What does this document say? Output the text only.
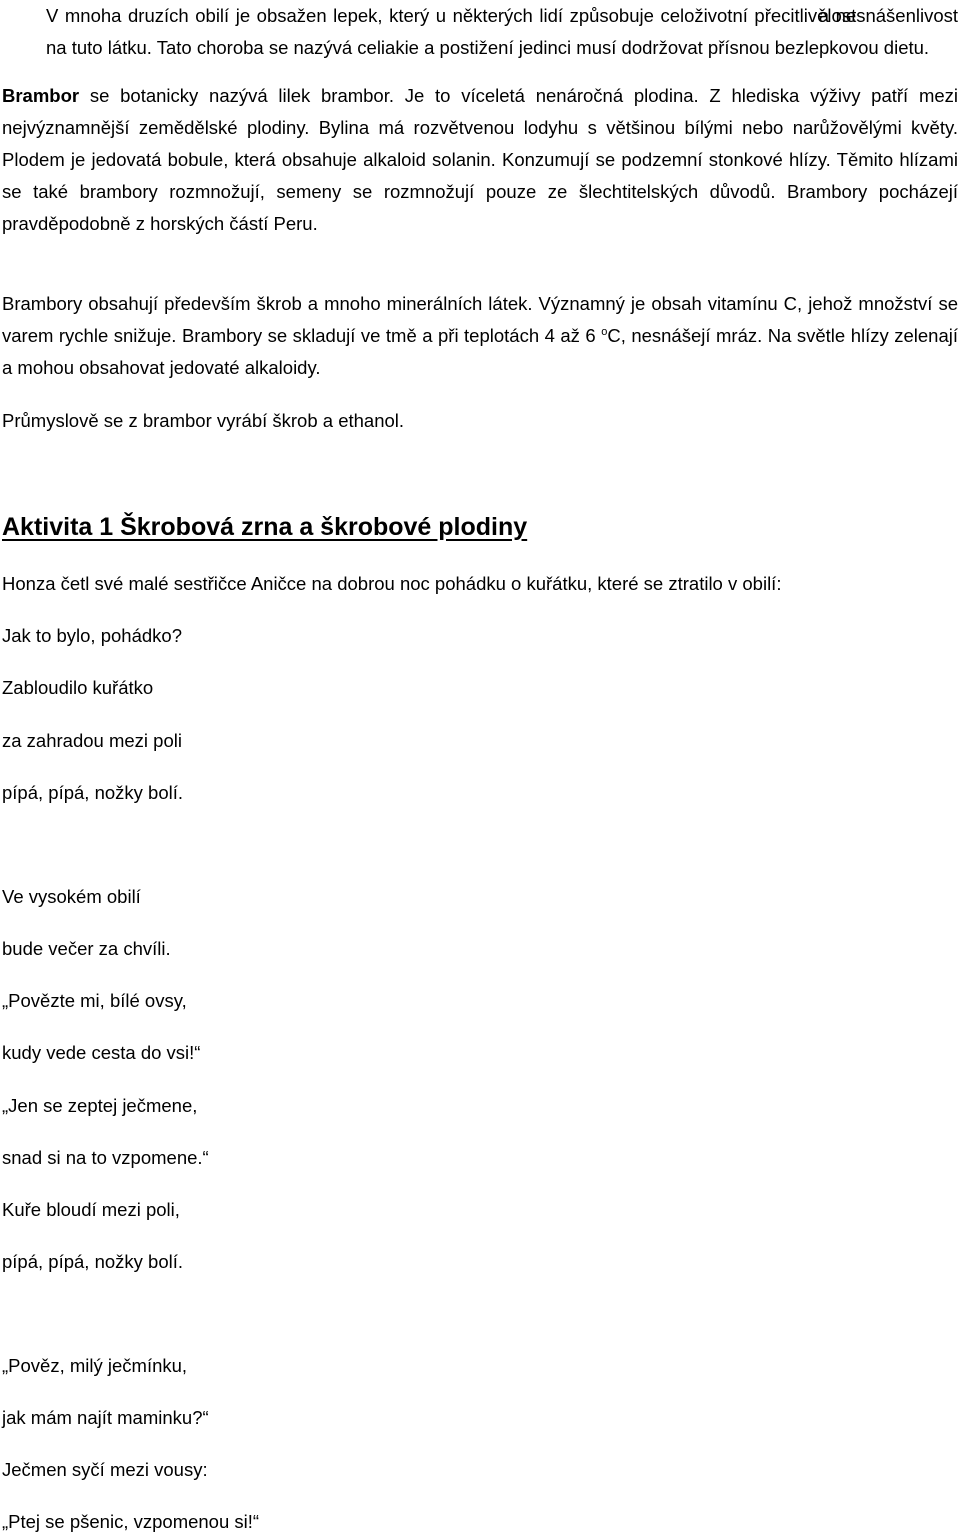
V mnoha druzích obilí je obsažen lepek, který u některých lidí způsobuje celoživotní přecitlivělost a nesnášenlivost na tuto látku. Tato choroba se nazývá celiakie a postižení jedinci musí dodržovat přísnou bezlepkovou dietu.

Brambor se botanicky nazývá lilek brambor. Je to víceletá nenáročná plodina. Z hlediska výživy patří mezi nejvýznamnější zemědělské plodiny. Bylina má rozvětvenou lodyhu s většinou bílými nebo narůžovělými květy. Plodem je jedovatá bobule, která obsahuje alkaloid solanin. Konzumují se podzemní stonkové hlízy. Těmito hlízami se také brambory rozmnožují, semeny se rozmnožují pouze ze šlechtitelských důvodů. Brambory pocházejí pravděpodobně z horských částí Peru.

Brambory obsahují především škrob a mnoho minerálních látek. Významný je obsah vitamínu C, jehož množství se varem rychle snižuje. Brambory se skladují ve tmě a při teplotách 4 až 6 $^o$C, nesnášejí mráz. Na světle hlízy zelenají a mohou obsahovat jedovaté alkaloidy.

Průmyslově se z brambor vyrábí škrob a ethanol.

Aktivita 1 Škrobová zrna a škrobové plodiny

Honza četl své malé sestřičce Aničce na dobrou noc pohádku o kuřátku, které se ztratilo v obilí:

Jak to bylo, pohádko?

Zabloudilo kuřátko

za zahradou mezi poli

pípá, pípá, nožky bolí.

Ve vysokém obilí

bude večer za chvíli.

„Povězte mi, bílé ovsy,

kudy vede cesta do vsi!“

„Jen se zeptej ječmene,

snad si na to vzpomene.“

Kuře bloudí mezi poli,

pípá, pípá, nožky bolí.

„Pověz, milý ječmínku,

jak mám najít maminku?“

Ječmen syčí mezi vousy:

„Ptej se pšenic, vzpomenou si!“
